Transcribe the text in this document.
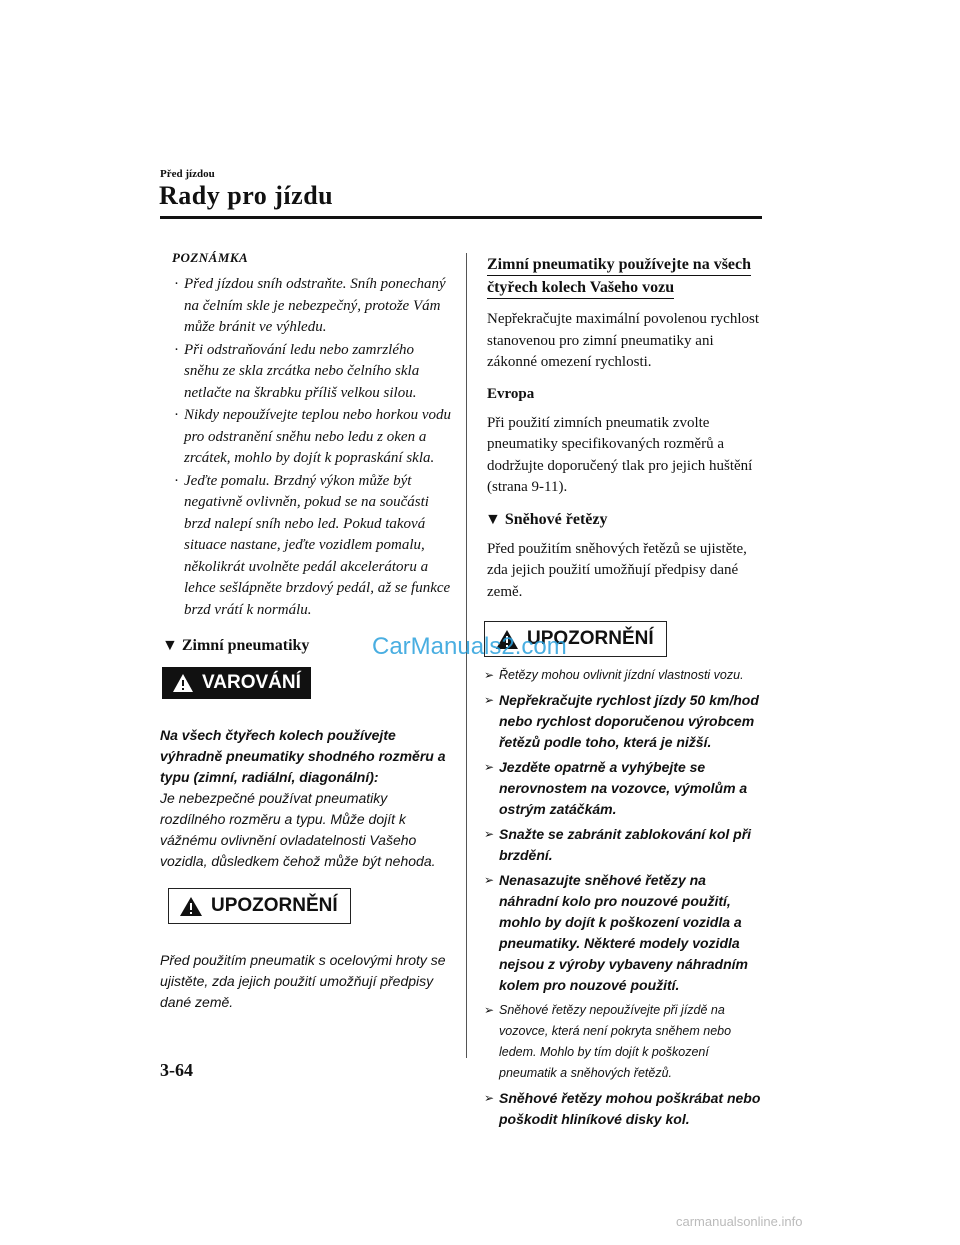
Před jízdou
Rady pro jízdu
POZNÁMKA
· Před jízdou sníh odstraňte. Sníh ponechaný na čelním skle je nebezpečný, protože Vám může bránit ve výhledu.
· Při odstraňování ledu nebo zamrzlého sněhu ze skla zrcátka nebo čelního skla netlačte na škrabku příliš velkou silou.
· Nikdy nepoužívejte teplou nebo horkou vodu pro odstranění sněhu nebo ledu z oken a zrcátek, mohlo by dojít k popraskání skla.
· Jeďte pomalu. Brzdný výkon může být negativně ovlivněn, pokud se na součásti brzd nalepí sníh nebo led. Pokud taková situace nastane, jeďte vozidlem pomalu, několikrát uvolněte pedál akcelerátoru a lehce sešlápněte brzdový pedál, až se funkce brzd vrátí k normálu.
▼ Zimní pneumatiky
VAROVÁNÍ
Na všech čtyřech kolech používejte výhradně pneumatiky shodného rozměru a typu (zimní, radiální, diagonální):
Je nebezpečné používat pneumatiky rozdílného rozměru a typu. Může dojít k vážnému ovlivnění ovladatelnosti Vašeho vozidla, důsledkem čehož může být nehoda.
UPOZORNĚNÍ
Před použitím pneumatik s ocelovými hroty se ujistěte, zda jejich použití umožňují předpisy dané země.
Zimní pneumatiky používejte na všech čtyřech kolech Vašeho vozu
Nepřekračujte maximální povolenou rychlost stanovenou pro zimní pneumatiky ani zákonné omezení rychlosti.
Evropa
Při použití zimních pneumatik zvolte pneumatiky specifikovaných rozměrů a dodržujte doporučený tlak pro jejich huštění (strana 9-11).
▼ Sněhové řetězy
Před použitím sněhových řetězů se ujistěte, zda jejich použití umožňují předpisy dané země.
UPOZORNĚNÍ
➢ Řetězy mohou ovlivnit jízdní vlastnosti vozu.
➢ Nepřekračujte rychlost jízdy 50 km/hod nebo rychlost doporučenou výrobcem řetězů podle toho, která je nižší.
➢ Jezděte opatrně a vyhýbejte se nerovnostem na vozovce, výmolům a ostrým zatáčkám.
➢ Snažte se zabránit zablokování kol při brzdění.
➢ Nenasazujte sněhové řetězy na náhradní kolo pro nouzové použití, mohlo by dojít k poškození vozidla a pneumatiky. Některé modely vozidla nejsou z výroby vybaveny náhradním kolem pro nouzové použití.
➢ Sněhové řetězy nepoužívejte při jízdě na vozovce, která není pokryta sněhem nebo ledem. Mohlo by tím dojít k poškození pneumatik a sněhových řetězů.
➢ Sněhové řetězy mohou poškrábat nebo poškodit hliníkové disky kol.
CarManuals2.com
3-64
carmanualsonline.info
